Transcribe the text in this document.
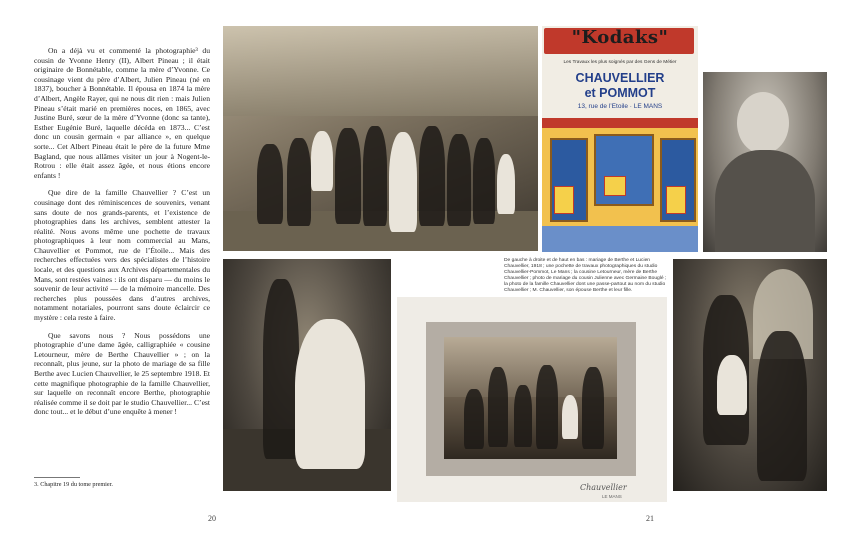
On a déjà vu et commenté la photographie³ du cousin de Yvonne Henry (II), Albert Pineau ; il était originaire de Bonnétable, comme la mère d’Yvonne. Ce cousinage vient du père d’Albert, Julien Pineau (né en 1837), boucher à Bonnétable. Il épousa en 1874 la mère d’Albert, Angèle Rayer, qui ne nous dit rien : mais Julien Pineau s’était marié en premières noces, en 1865, avec Justine Buré, sœur de la mère d’Yvonne (donc sa tante), Esther Eugénie Buré, laquelle décéda en 1873... C’est donc un cousin germain « par alliance », en quelque sorte... Cet Albert Pineau était le père de la future Mme Bagland, que nous allâmes visiter un jour à Nogent-le-Rotrou : elle était assez âgée, et nous étions encore enfants !

Que dire de la famille Chauvellier ? C’est un cousinage dont des réminiscences de souvenirs, venant sans doute de nos grands-parents, et l’existence de photographies dans les archives, semblent attester la réalité. Nous avons même une pochette de travaux photographiques à leur nom commercial au Mans, Chauvellier et Pommot, rue de l’Étoile... Mais des recherches effectuées vers des spécialistes de l’histoire locale, et des questions aux Archives départementales du Mans, sont restées vaines : ils ont disparu — du moins le souvenir de leur activité — de la mémoire mancelle. Des recherches plus poussées dans d’autres archives, notamment notariales, pourront sans doute éclaircir ce mystère : cela reste à faire.

Que savons nous ? Nous possédons une photographie d’une dame âgée, calligraphiée « cousine Letourneur, mère de Berthe Chauvellier » ; on la reconnaît, plus jeune, sur la photo de mariage de sa fille Berthe avec Lucien Chauvellier, le 25 septembre 1918. Et cette magnifique photographie de la famille Chauvellier, sur laquelle on reconnaît encore Berthe, photographie réalisée comme il se doit par le studio Chauvellier... C’est donc tout... et le début d’une enquête à mener !

3. Chapitre 19 du tome premier.
20	21
"Kodaks"
Les Travaux les plus soignés par des Gens de Métier
CHAUVELLIER
et POMMOT
13, rue de l’Etoile · LE MANS
De gauche à droite et de haut en bas : mariage de Berthe et Lucien Chauvellier, 1918 ; une pochette de travaux photographiques du studio Chauvellier-Pommot, Le Mans ; la cousine Letourneur, mère de Berthe Chauvellier ; photo de mariage du cousin Julienne avec Germaine Bouglé ; la photo de la famille Chauvellier dont une passe-partout au nom du studio Chauvellier ; M. Chauvellier, son épouse Berthe et leur fille.
Chauvellier
LE MANS
